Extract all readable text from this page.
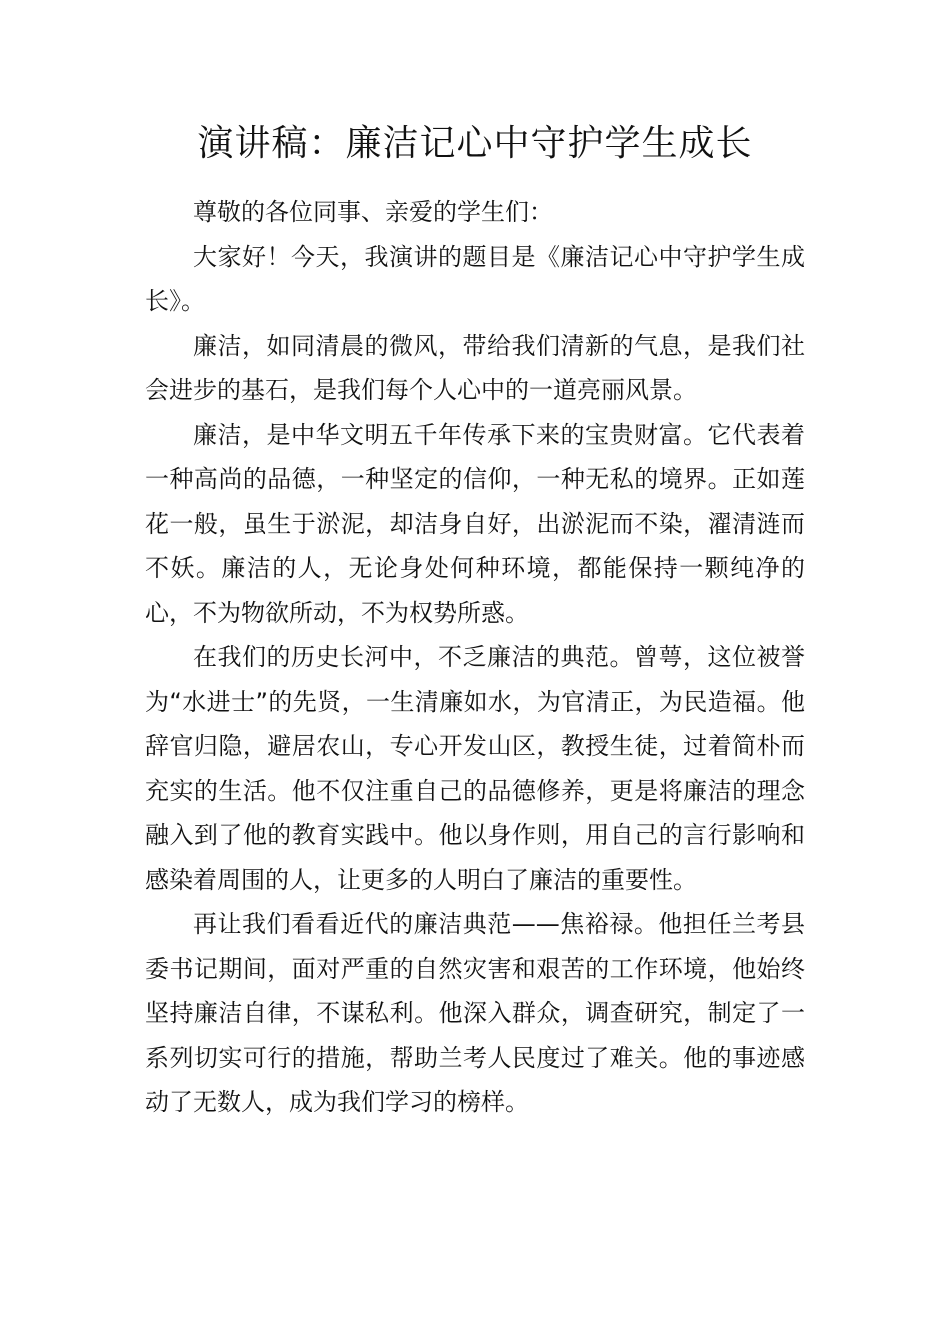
演讲稿：廉洁记心中守护学生成长

尊敬的各位同事、亲爱的学生们：

大家好！今天，我演讲的题目是《廉洁记心中守护学生成长》。

廉洁，如同清晨的微风，带给我们清新的气息，是我们社会进步的基石，是我们每个人心中的一道亮丽风景。

廉洁，是中华文明五千年传承下来的宝贵财富。它代表着一种高尚的品德，一种坚定的信仰，一种无私的境界。正如莲花一般，虽生于淤泥，却洁身自好，出淤泥而不染，濯清涟而不妖。廉洁的人，无论身处何种环境，都能保持一颗纯净的心，不为物欲所动，不为权势所惑。

在我们的历史长河中，不乏廉洁的典范。曾萼，这位被誉为“水进士”的先贤，一生清廉如水，为官清正，为民造福。他辞官归隐，避居农山，专心开发山区，教授生徒，过着简朴而充实的生活。他不仅注重自己的品德修养，更是将廉洁的理念融入到了他的教育实践中。他以身作则，用自己的言行影响和感染着周围的人，让更多的人明白了廉洁的重要性。

再让我们看看近代的廉洁典范——焦裕禄。他担任兰考县委书记期间，面对严重的自然灾害和艰苦的工作环境，他始终坚持廉洁自律，不谋私利。他深入群众，调查研究，制定了一系列切实可行的措施，帮助兰考人民度过了难关。他的事迹感动了无数人，成为我们学习的榜样。
